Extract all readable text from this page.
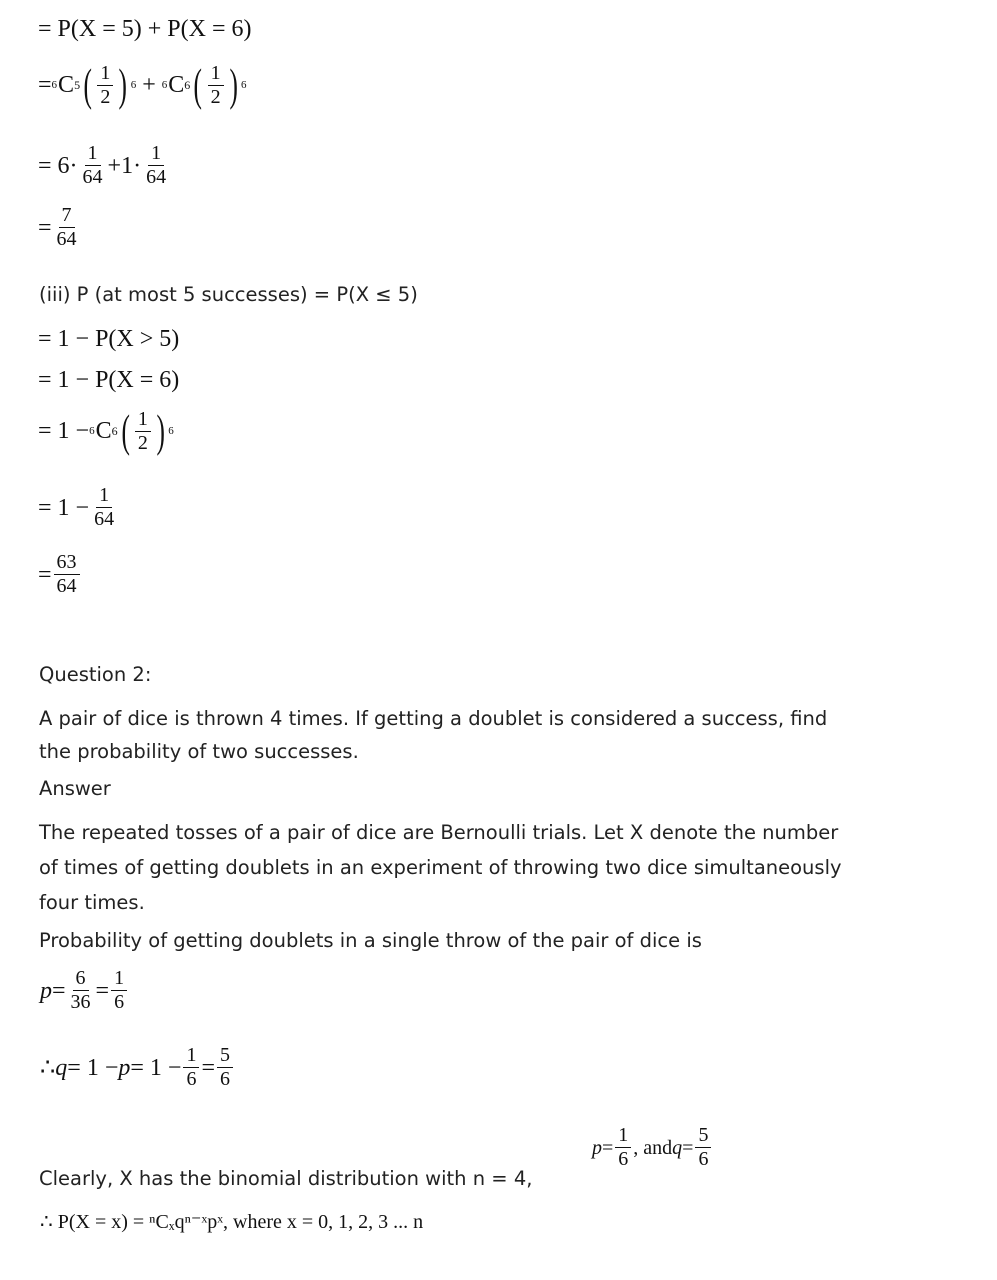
= P(X = 5) + P(X = 6)
= 6 C 5 ( $\frac{1}{2}$ ) 6 + 6 C 6 ( $\frac{1}{2}$ ) 6
= $6\cdot \frac{1}{64} +1\cdot \frac{1}{64}$
= $\frac{7}{64}$
(iii) P (at most 5 successes) = P(X ≤ 5)
= 1 − P(X > 5)
= 1 − P(X = 6)
= 1 − 6 C 6 ( $\frac{1}{2}$ ) 6
= $1 - \frac{1}{64}$
= $\frac{63}{64}$
Question 2:
A pair of dice is thrown 4 times. If getting a doublet is considered a success, find
the probability of two successes.
Answer
The repeated tosses of a pair of dice are Bernoulli trials. Let X denote the number
of times of getting doublets in an experiment of throwing two dice simultaneously
four times.
Probability of getting doublets in a single throw of the pair of dice is
$p = \frac{6}{36} = \frac{1}{6}$
∴ $q = 1 - p = 1 - \frac{1}{6} = \frac{5}{6}$
Clearly, X has the binomial distribution with n = 4,
$p = \frac{1}{6}$ , and $q = \frac{5}{6}$
∴ P(X = x) = ⁿCₓqⁿ⁻ˣpˣ, where x = 0, 1, 2, 3 ... n
